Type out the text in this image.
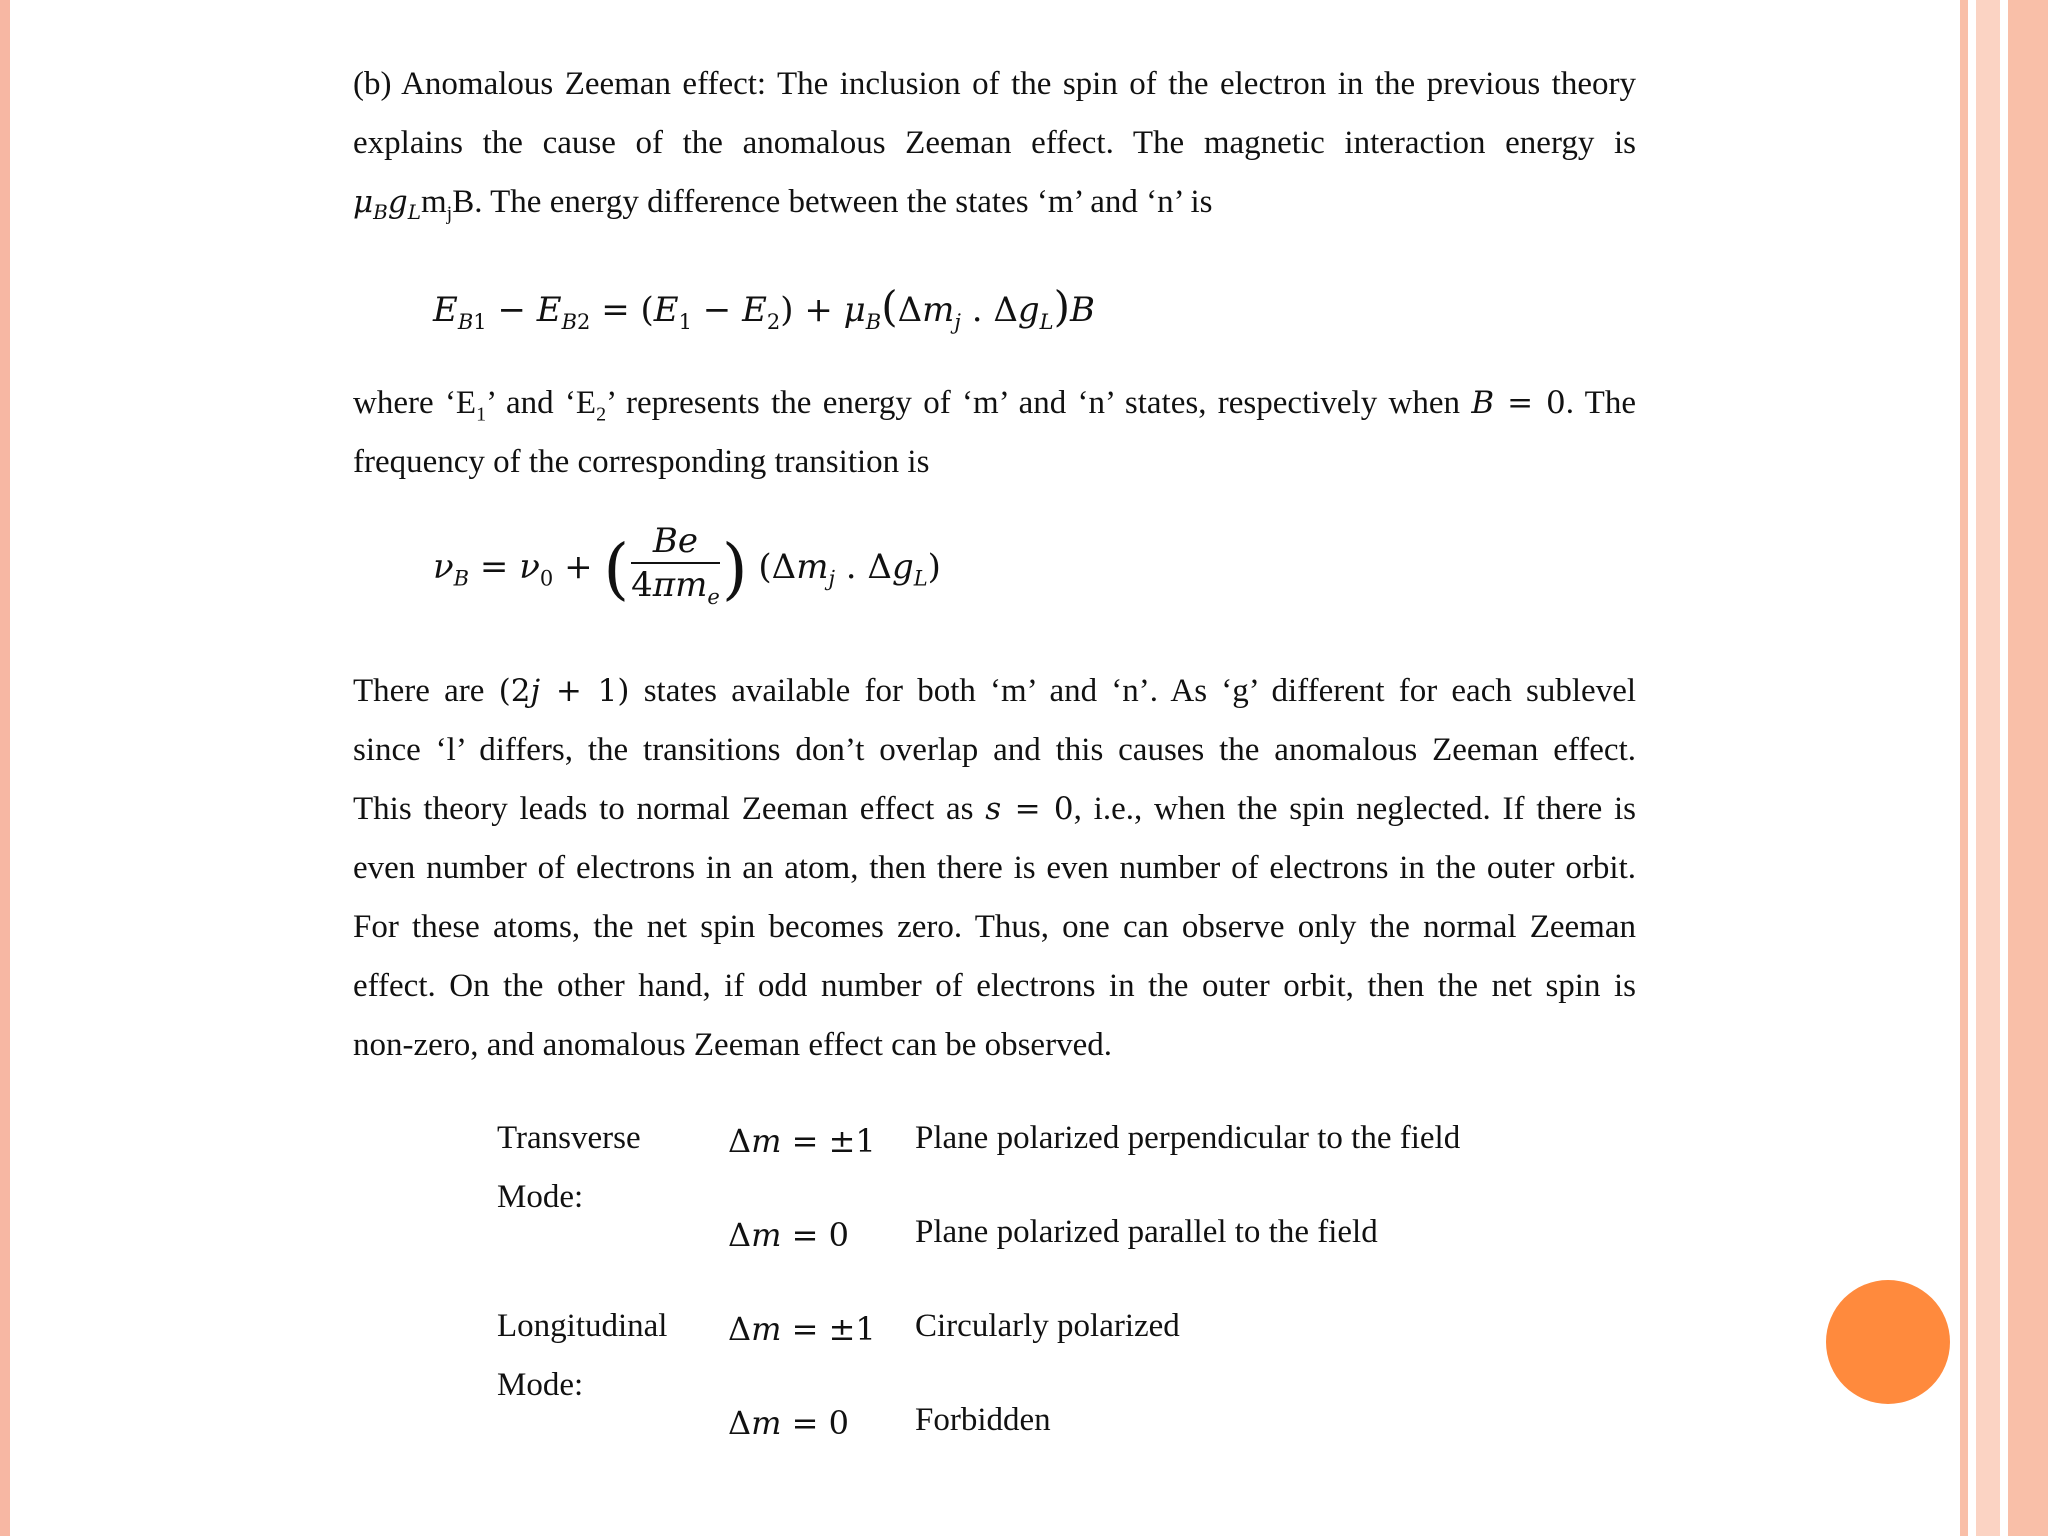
(b) Anomalous Zeeman effect: The inclusion of the spin of the electron in the previous theory
explains the cause of the anomalous Zeeman effect. The magnetic interaction energy is
$\mu_Bg_Lm_jB$. The energy difference between the states ‘m’ and ‘n’ is
$E_{B1} - E_{B2} = (E_1 - E_2) + \mu_B(\Delta m_j$ . $\Delta g_L)B$
where ‘$E_1$’ and ‘$E_2$’ represents the energy of ‘m’ and ‘n’ states, respectively when B = 0. The
frequency of the corresponding transition is
$\nu_B = \nu_0$ + ( $\frac{Be}{4\pi m_e}$ ) ($\Delta m_j$ . $\Delta g_L$)
There are (2j + 1) states available for both ‘m’ and ‘n’. As ‘g’ different for each sublevel
since ‘l’ differs, the transitions don’t overlap and this causes the anomalous Zeeman effect.
This theory leads to normal Zeeman effect as s = 0, i.e., when the spin neglected. If there is
even number of electrons in an atom, then there is even number of electrons in the outer orbit.
For these atoms, the net spin becomes zero. Thus, one can observe only the normal Zeeman
effect. On the other hand, if odd number of electrons in the outer orbit, then the net spin is
non-zero, and anomalous Zeeman effect can be observed.
Transverse
Mode:
Δm = ±1 Plane polarized perpendicular to the field
Δm = 0 Plane polarized parallel to the field
Longitudinal
Mode:
Δm = ±1 Circularly polarized
Δm = 0 Forbidden
